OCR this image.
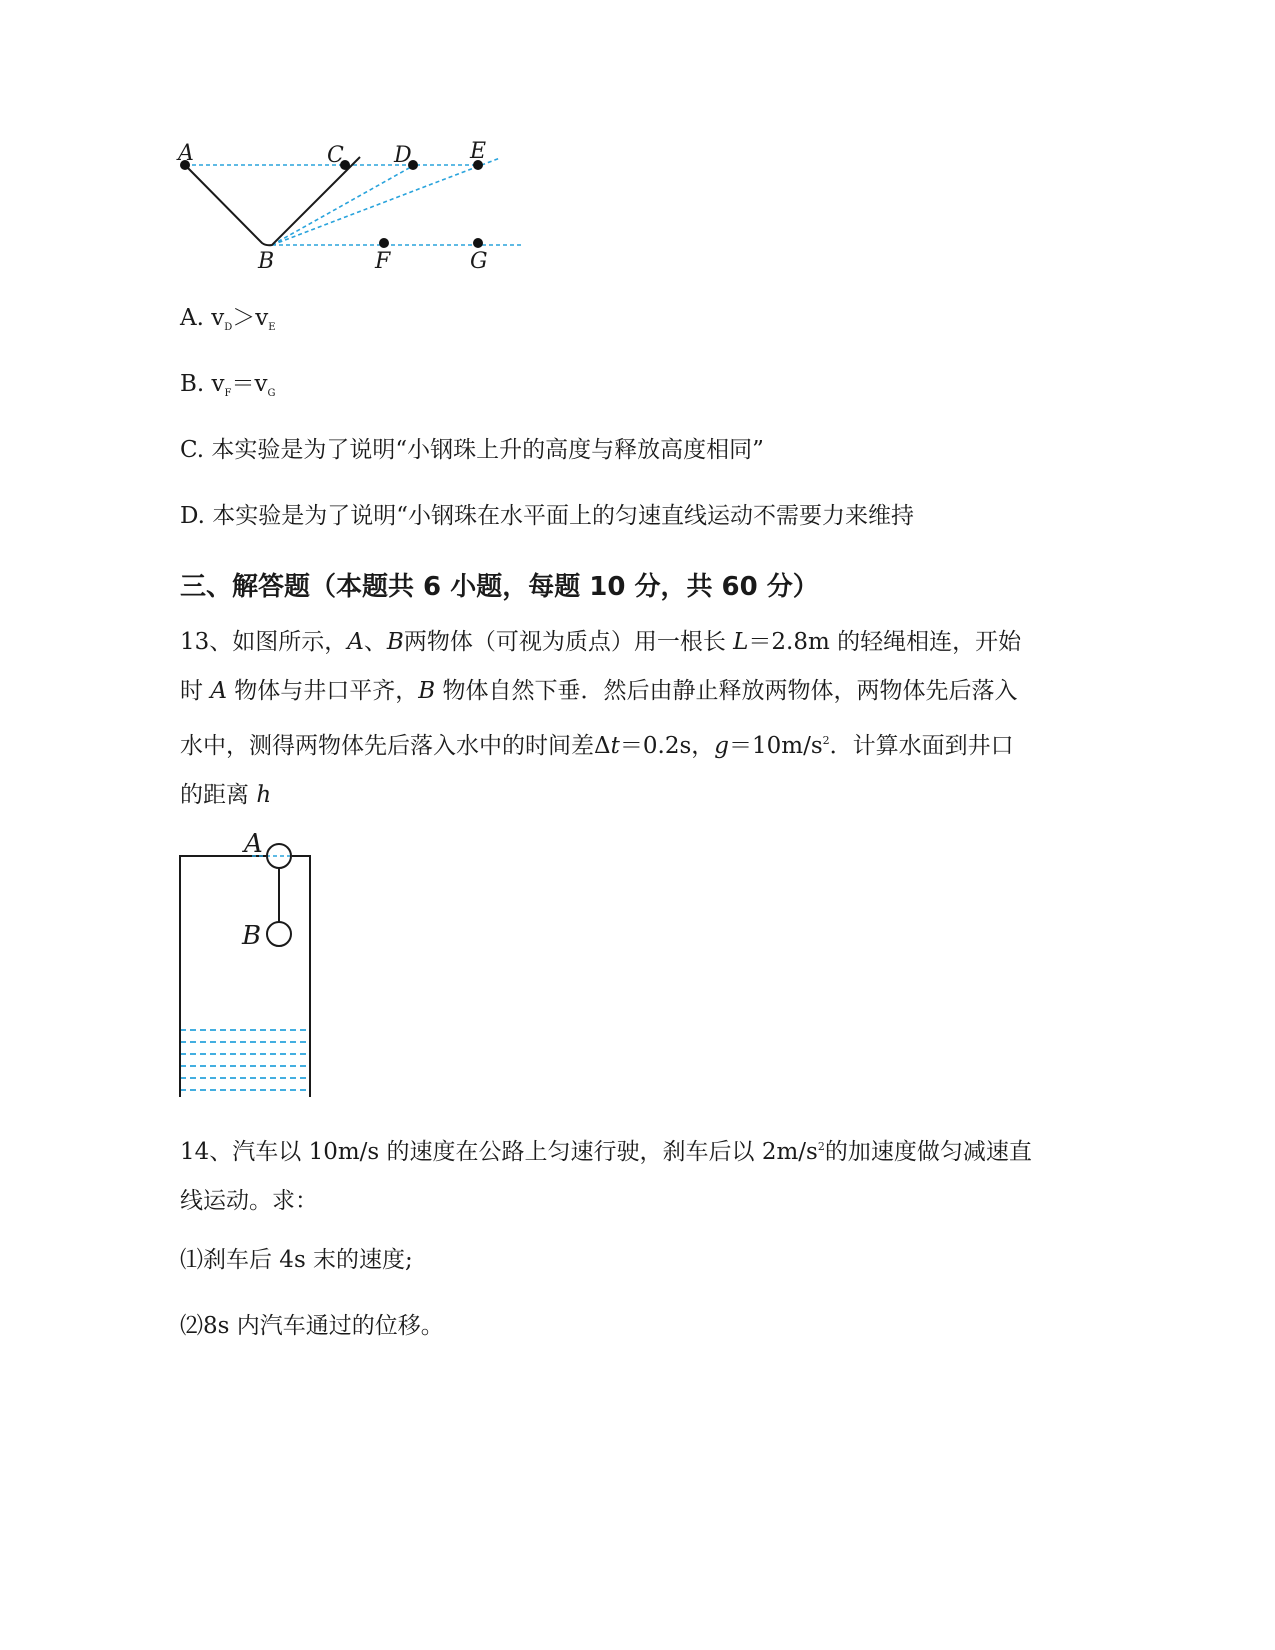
A	C D	E
B	F	G
A. $v_D>v_E$
B. $v_F=v_G$
C. 本实验是为了说明“小钢珠上升的高度与释放高度相同”
D. 本实验是为了说明“小钢珠在水平面上的匀速直线运动不需要力来维持
三、解答题（本题共 6 小题，每题 10 分，共 60 分）
13、如图所示，A、B两物体（可视为质点）用一根长 L＝2.8m 的轻绳相连，开始
时 A 物体与井口平齐，B 物体自然下垂．然后由静止释放两物体，两物体先后落入
水中，测得两物体先后落入水中的时间差Δt＝0.2s，$g=10m/s^2$．计算水面到井口
的距离 h
A
B
14、汽车以 10m/s 的速度在公路上匀速行驶，刹车后以 $2m/s^2$的加速度做匀减速直
线运动。求：
⑴刹车后 4s 末的速度;
⑵8s 内汽车通过的位移。
